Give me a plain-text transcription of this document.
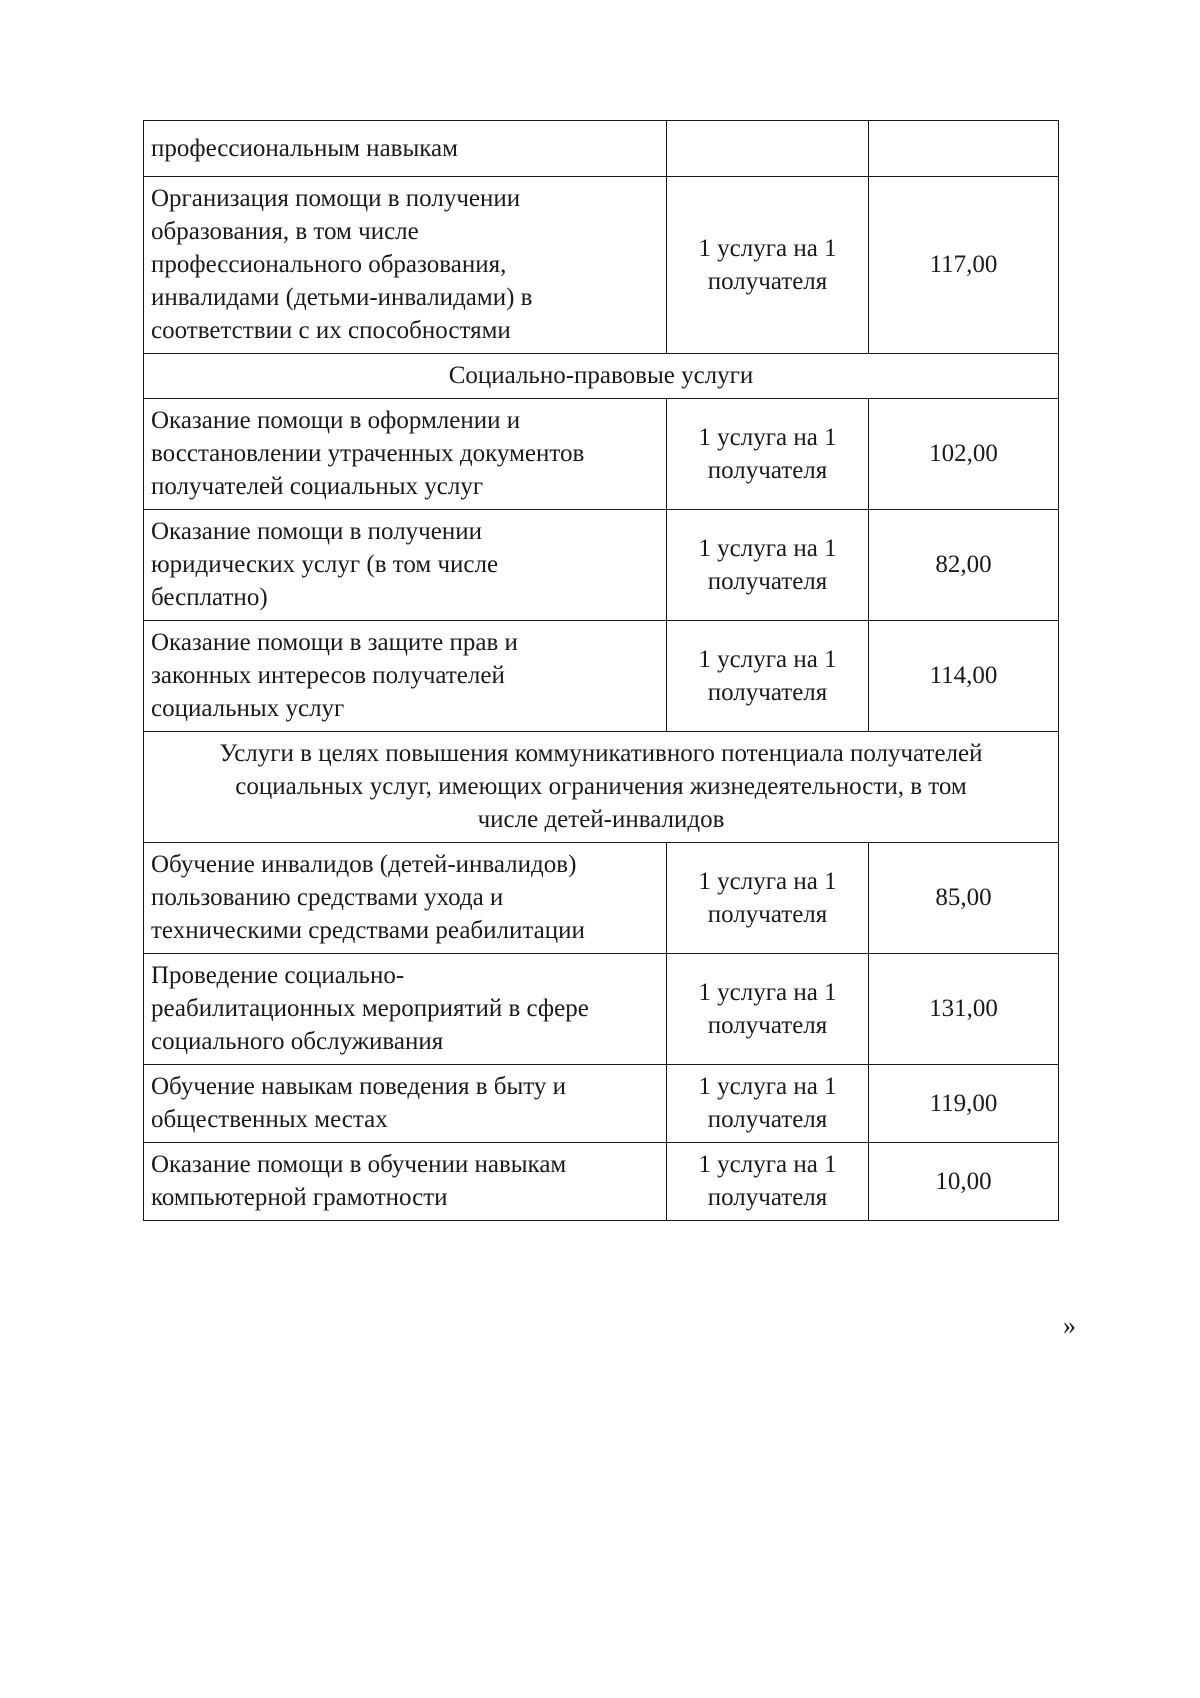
профессиональным навыкам		

Организация помощи в получении
образования, в том числе
профессионального образования,
инвалидами (детьми-инвалидами) в
соответствии с их способностями	1 услуга на 1
получателя	117,00

Социально-правовые услуги		

Оказание помощи в оформлении и
восстановлении утраченных документов
получателей социальных услуг	1 услуга на 1
получателя	102,00

Оказание помощи в получении
юридических услуг (в том числе
бесплатно)	1 услуга на 1
получателя	82,00

Оказание помощи в защите прав и
законных интересов получателей
социальных услуг	1 услуга на 1
получателя	114,00

Услуги в целях повышения коммуникативного потенциала получателей
социальных услуг, имеющих ограничения жизнедеятельности, в том
числе детей-инвалидов		

Обучение инвалидов (детей-инвалидов)
пользованию средствами ухода и
техническими средствами реабилитации	1 услуга на 1
получателя	85,00

Проведение социально-
реабилитационных мероприятий в сфере
социального обслуживания	1 услуга на 1
получателя	131,00

Обучение навыкам поведения в быту и
общественных местах	1 услуга на 1
получателя	119,00

Оказание помощи в обучении навыкам
компьютерной грамотности	1 услуга на 1
получателя	10,00
»
